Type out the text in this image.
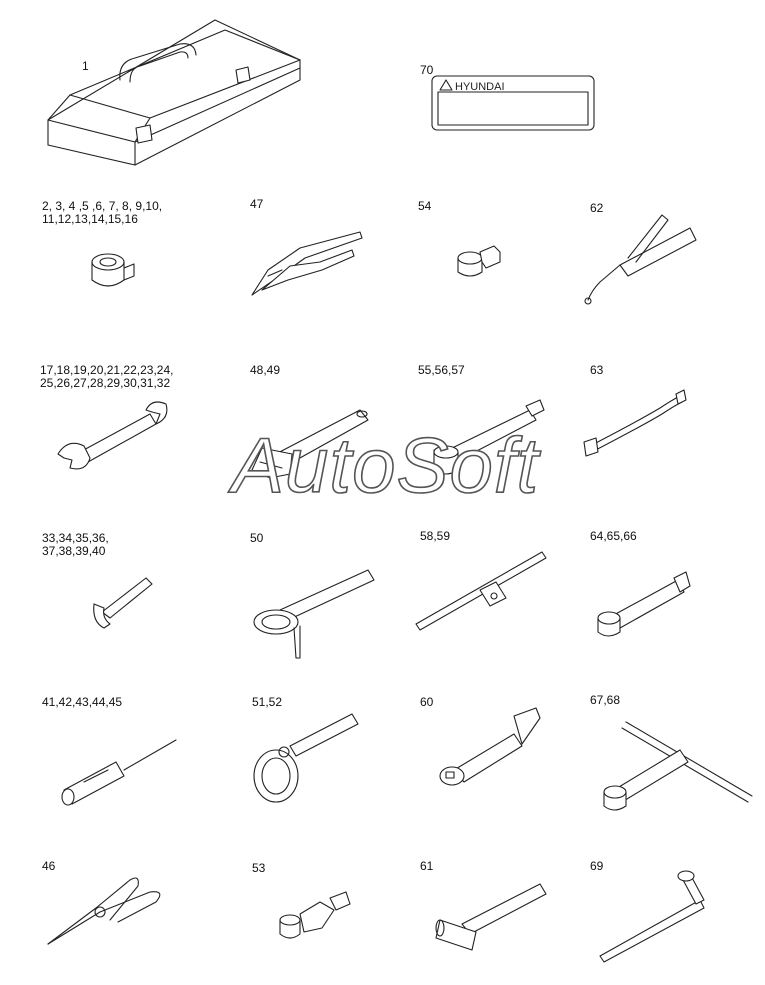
1	70
2, 3, 4 ,5 ,6, 7, 8, 9,10,
11,12,13,14,15,16
47	54	62
17,18,19,20,21,22,23,24,
25,26,27,28,29,30,31,32
48,49	55,56,57	63
33,34,35,36,
37,38,39,40
50	58,59	64,65,66
41,42,43,44,45	51,52	60	67,68
46	53	61	69
HYUNDAI
AutoSoft
